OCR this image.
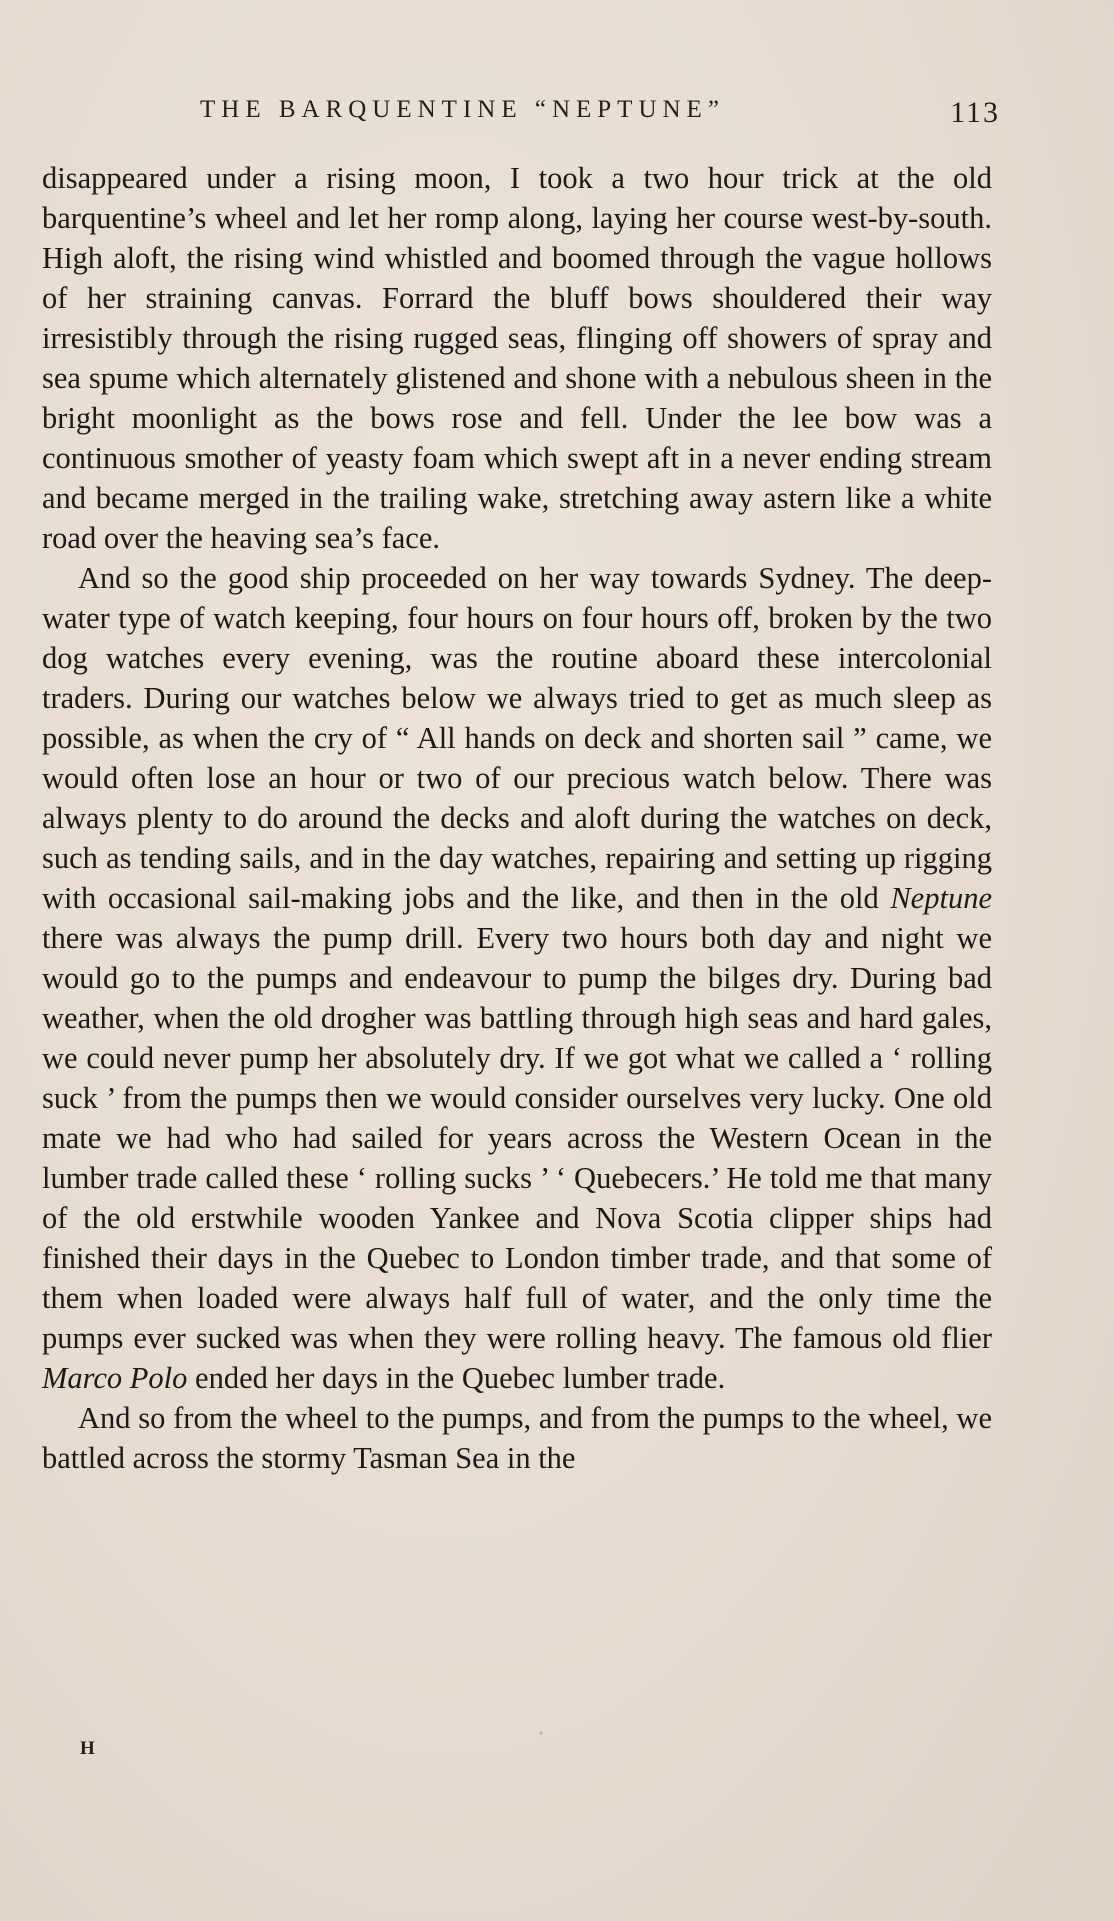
THE BARQUENTINE “NEPTUNE”	113

disappeared under a rising moon, I took a two hour trick at the old barquentine’s wheel and let her romp along, laying her course west-by-south. High aloft, the rising wind whistled and boomed through the vague hollows of her straining canvas. Forrard the bluff bows shouldered their way irresistibly through the rising rugged seas, flinging off showers of spray and sea spume which alternately glistened and shone with a nebulous sheen in the bright moonlight as the bows rose and fell. Under the lee bow was a continuous smother of yeasty foam which swept aft in a never ending stream and became merged in the trailing wake, stretching away astern like a white road over the heaving sea’s face.

And so the good ship proceeded on her way towards Sydney. The deep-water type of watch keeping, four hours on four hours off, broken by the two dog watches every evening, was the routine aboard these intercolonial traders. During our watches below we always tried to get as much sleep as possible, as when the cry of “ All hands on deck and shorten sail ” came, we would often lose an hour or two of our precious watch below. There was always plenty to do around the decks and aloft during the watches on deck, such as tending sails, and in the day watches, repairing and setting up rigging with occasional sail-making jobs and the like, and then in the old Neptune there was always the pump drill. Every two hours both day and night we would go to the pumps and endeavour to pump the bilges dry. During bad weather, when the old drogher was battling through high seas and hard gales, we could never pump her absolutely dry. If we got what we called a ‘ rolling suck ’ from the pumps then we would consider ourselves very lucky. One old mate we had who had sailed for years across the Western Ocean in the lumber trade called these ‘ rolling sucks ’ ‘ Quebecers.’ He told me that many of the old erstwhile wooden Yankee and Nova Scotia clipper ships had finished their days in the Quebec to London timber trade, and that some of them when loaded were always half full of water, and the only time the pumps ever sucked was when they were rolling heavy. The famous old flier Marco Polo ended her days in the Quebec lumber trade.

And so from the wheel to the pumps, and from the pumps to the wheel, we battled across the stormy Tasman Sea in the

H
